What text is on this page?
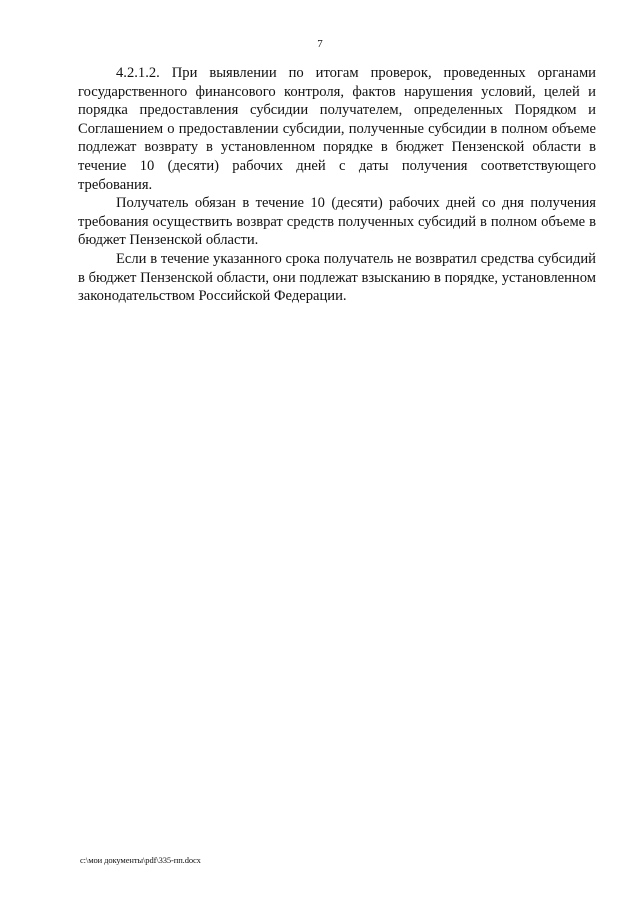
7

4.2.1.2. При выявлении по итогам проверок, проведенных органами государственного финансового контроля, фактов нарушения условий, целей и порядка предоставления субсидии получателем, определенных Порядком и Соглашением о предоставлении субсидии, полученные субсидии в полном объеме подлежат возврату в установленном порядке в бюджет Пензенской области в течение 10 (десяти) рабочих дней с даты получения соответствующего требования.

Получатель обязан в течение 10 (десяти) рабочих дней со дня получения требования осуществить возврат средств полученных субсидий в полном объеме в бюджет Пензенской области.

Если в течение указанного срока получатель не возвратил средства субсидий в бюджет Пензенской области, они подлежат взысканию в порядке, установленном законодательством Российской Федерации.

c:\мои документы\pdf\335-пп.docx
